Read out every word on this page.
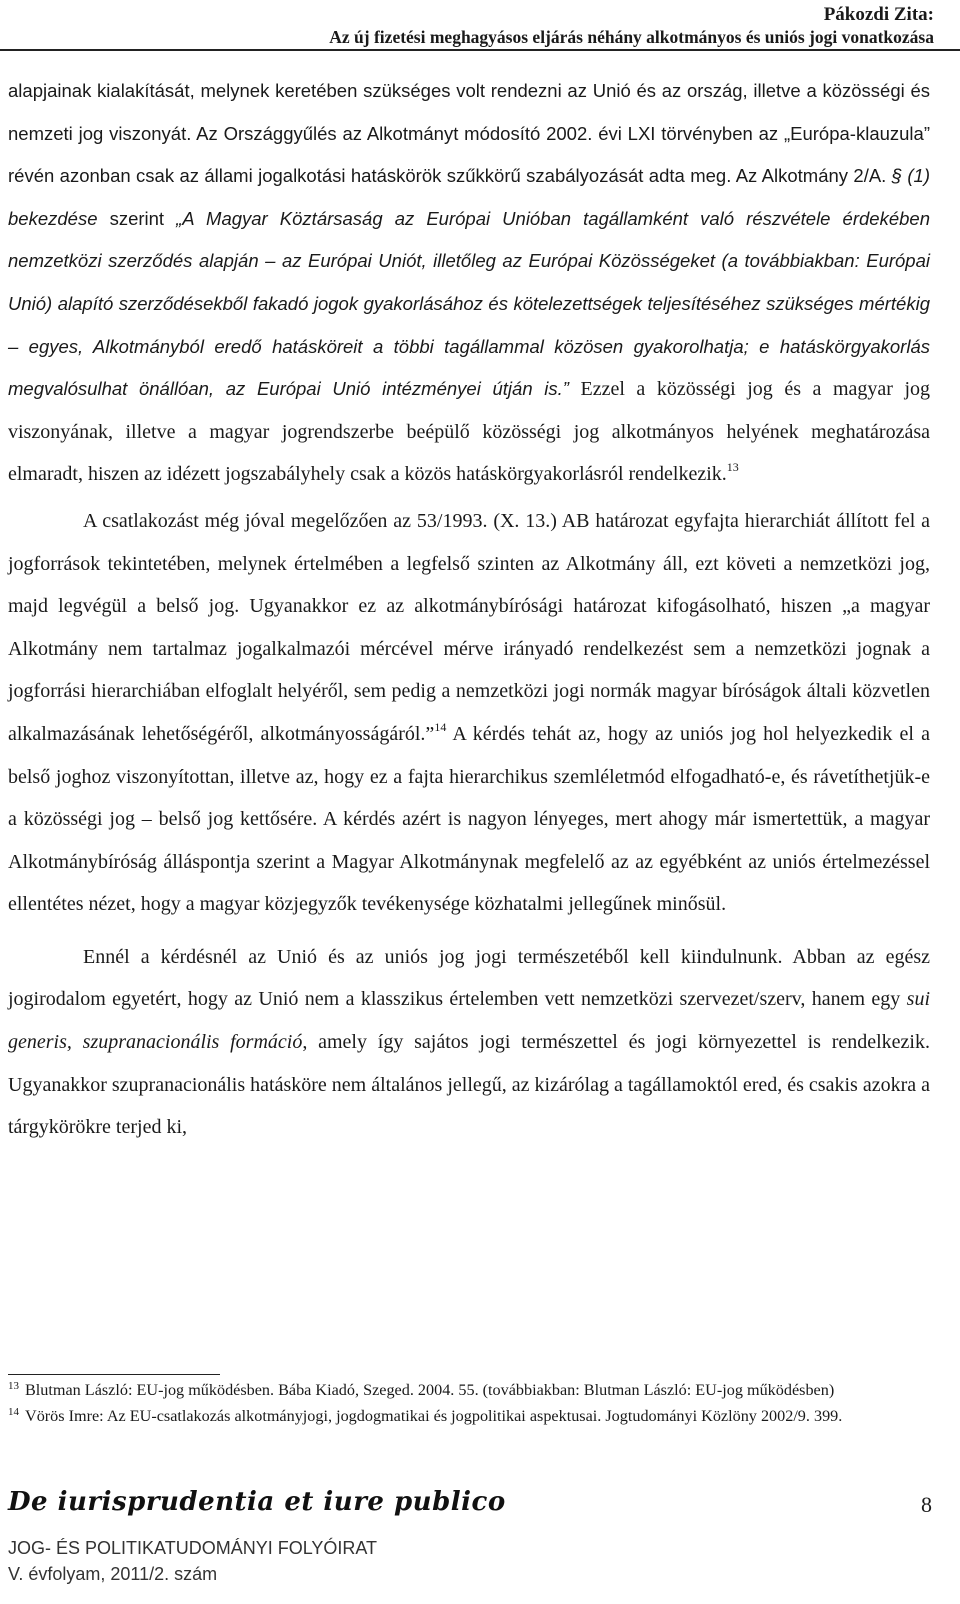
Pákozdi Zita:
Az új fizetési meghagyásos eljárás néhány alkotmányos és uniós jogi vonatkozása

alapjainak kialakítását, melynek keretében szükséges volt rendezni az Unió és az ország, illetve a közösségi és nemzeti jog viszonyát. Az Országgyűlés az Alkotmányt módosító 2002. évi LXI törvényben az „Európa-klauzula” révén azonban csak az állami jogalkotási hatáskörök szűkkörű szabályozását adta meg. Az Alkotmány 2/A. § (1) bekezdése szerint „A Magyar Köztársaság az Európai Unióban tagállamként való részvétele érdekében nemzetközi szerződés alapján – az Európai Uniót, illetőleg az Európai Közösségeket (a továbbiakban: Európai Unió) alapító szerződésekből fakadó jogok gyakorlásához és kötelezettségek teljesítéséhez szükséges mértékig – egyes, Alkotmányból eredő hatásköreit a többi tagállammal közösen gyakorolhatja; e hatáskörgyakorlás megvalósulhat önállóan, az Európai Unió intézményei útján is.” Ezzel a közösségi jog és a magyar jog viszonyának, illetve a magyar jogrendszerbe beépülő közösségi jog alkotmányos helyének meghatározása elmaradt, hiszen az idézett jogszabályhely csak a közös hatáskörgyakorlásról rendelkezik.$^{13}$

A csatlakozást még jóval megelőzően az 53/1993. (X. 13.) AB határozat egyfajta hierarchiát állított fel a jogforrások tekintetében, melynek értelmében a legfelső szinten az Alkotmány áll, ezt követi a nemzetközi jog, majd legvégül a belső jog. Ugyanakkor ez az alkotmánybírósági határozat kifogásolható, hiszen „a magyar Alkotmány nem tartalmaz jogalkalmazói mércével mérve irányadó rendelkezést sem a nemzetközi jognak a jogforrási hierarchiában elfoglalt helyéről, sem pedig a nemzetközi jogi normák magyar bíróságok általi közvetlen alkalmazásának lehetőségéről, alkotmányosságáról.”$^{14}$ A kérdés tehát az, hogy az uniós jog hol helyezkedik el a belső joghoz viszonyítottan, illetve az, hogy ez a fajta hierarchikus szemléletmód elfogadható-e, és rávetíthetjük-e a közösségi jog – belső jog kettősére. A kérdés azért is nagyon lényeges, mert ahogy már ismertettük, a magyar Alkotmánybíróság álláspontja szerint a Magyar Alkotmánynak megfelelő az az egyébként az uniós értelmezéssel ellentétes nézet, hogy a magyar közjegyzők tevékenysége közhatalmi jellegűnek minősül.

Ennél a kérdésnél az Unió és az uniós jog jogi természetéből kell kiindulnunk. Abban az egész jogirodalom egyetért, hogy az Unió nem a klasszikus értelemben vett nemzetközi szervezet/szerv, hanem egy sui generis, szupranacionális formáció, amely így sajátos jogi természettel és jogi környezettel is rendelkezik. Ugyanakkor szupranacionális hatásköre nem általános jellegű, az kizárólag a tagállamoktól ered, és csakis azokra a tárgykörökre terjed ki,

$^{13}$ Blutman László: EU-jog működésben. Bába Kiadó, Szeged. 2004. 55. (továbbiakban: Blutman László: EU-jog működésben)

$^{14}$ Vörös Imre: Az EU-csatlakozás alkotmányjogi, jogdogmatikai és jogpolitikai aspektusai. Jogtudományi Közlöny 2002/9. 399.

De iurisprudentia et iure publico	8
JOG- ÉS POLITIKATUDOMÁNYI FOLYÓIRAT
V. évfolyam, 2011/2. szám
